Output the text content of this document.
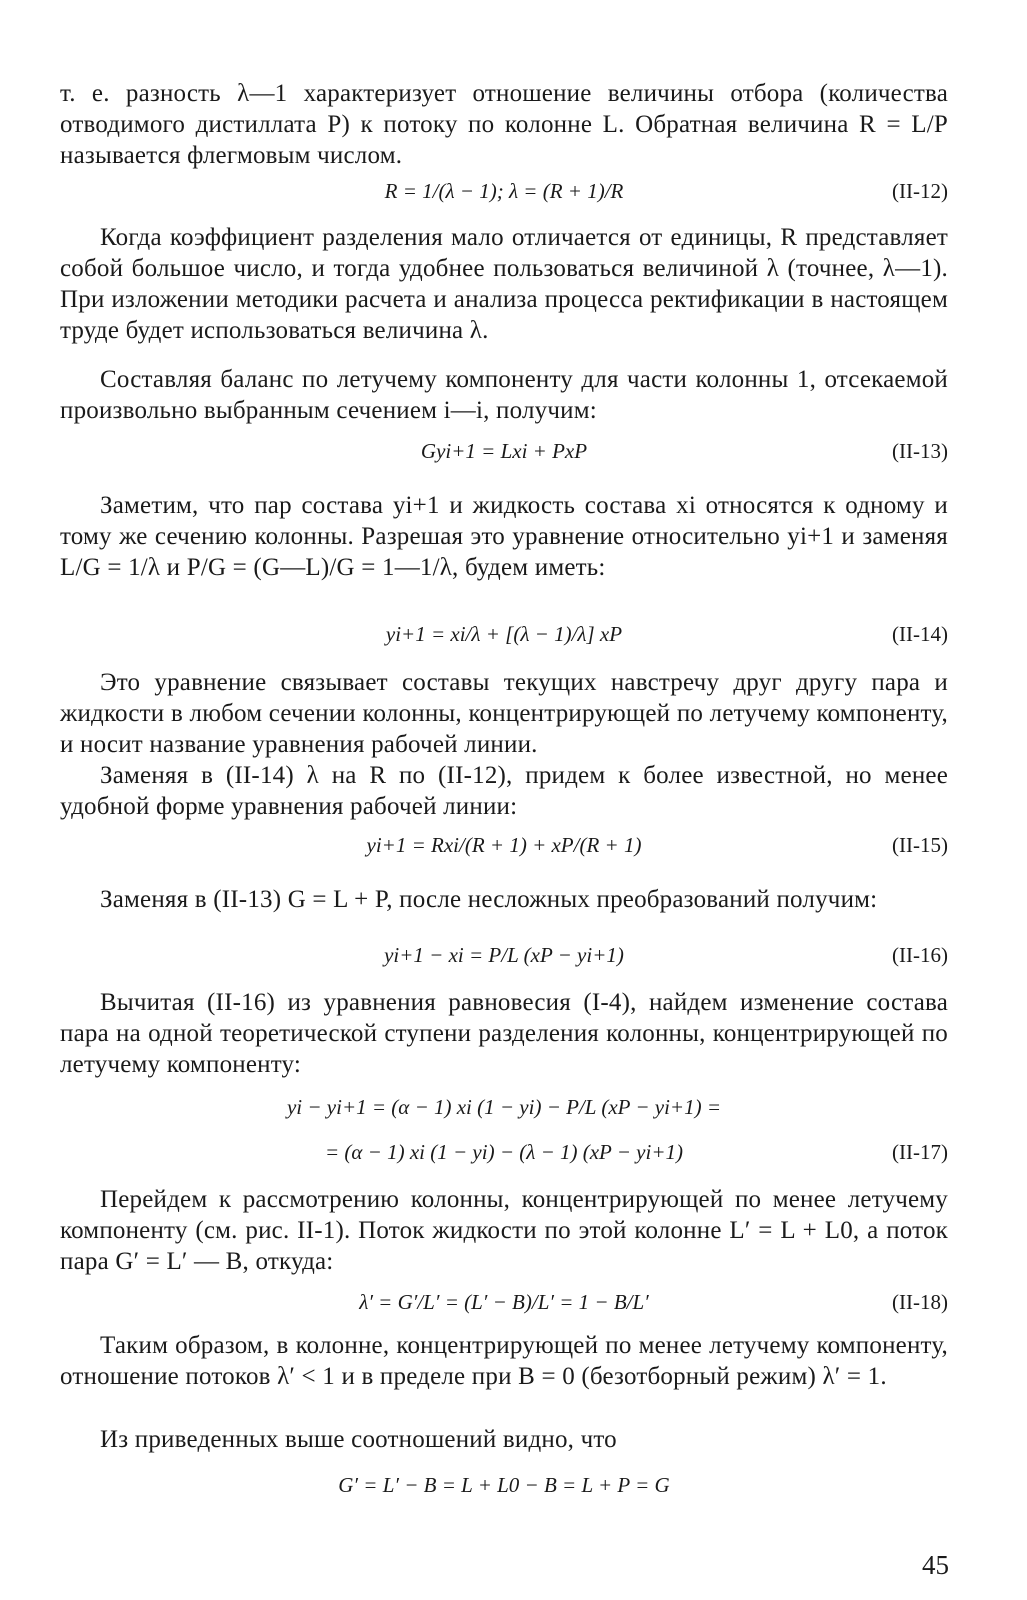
т. е. разность λ—1 характеризует отношение величины отбора (количества отводимого дистиллата P) к потоку по колонне L. Обратная величина R = L/P называется флегмовым числом.

R = 1/(λ − 1); λ = (R + 1)/R	(II-12)

Когда коэффициент разделения мало отличается от единицы, R представляет собой большое число, и тогда удобнее пользоваться величиной λ (точнее, λ—1). При изложении методики расчета и анализа процесса ректификации в настоящем труде будет использоваться величина λ.

Составляя баланс по летучему компоненту для части колонны 1, отсекаемой произвольно выбранным сечением i—i, получим:

Gyi+1 = Lxi + PxP	(II-13)

Заметим, что пар состава yi+1 и жидкость состава xi относятся к одному и тому же сечению колонны. Разрешая это уравнение относительно yi+1 и заменяя L/G = 1/λ и P/G = (G—L)/G = 1—1/λ, будем иметь:

yi+1 = xi/λ + [(λ − 1)/λ] xP	(II-14)

Это уравнение связывает составы текущих навстречу друг другу пара и жидкости в любом сечении колонны, концентрирующей по летучему компоненту, и носит название уравнения рабочей линии.

Заменяя в (II-14) λ на R по (II-12), придем к более известной, но менее удобной форме уравнения рабочей линии:

yi+1 = Rxi/(R + 1) + xP/(R + 1)	(II-15)

Заменяя в (II-13) G = L + P, после несложных преобразований получим:

yi+1 − xi = P/L (xP − yi+1)	(II-16)

Вычитая (II-16) из уравнения равновесия (I-4), найдем изменение состава пара на одной теоретической ступени разделения колонны, концентрирующей по летучему компоненту:

yi − yi+1 = (α − 1) xi (1 − yi) − P/L (xP − yi+1) =
= (α − 1) xi (1 − yi) − (λ − 1) (xP − yi+1)	(II-17)

Перейдем к рассмотрению колонны, концентрирующей по менее летучему компоненту (см. рис. II-1). Поток жидкости по этой колонне L′ = L + L0, а поток пара G′ = L′ — B, откуда:

λ′ = G′/L′ = (L′ − B)/L′ = 1 − B/L′	(II-18)

Таким образом, в колонне, концентрирующей по менее летучему компоненту, отношение потоков λ′ < 1 и в пределе при B = 0 (безотборный режим) λ′ = 1.

Из приведенных выше соотношений видно, что

G′ = L′ − B = L + L0 − B = L + P = G
45
